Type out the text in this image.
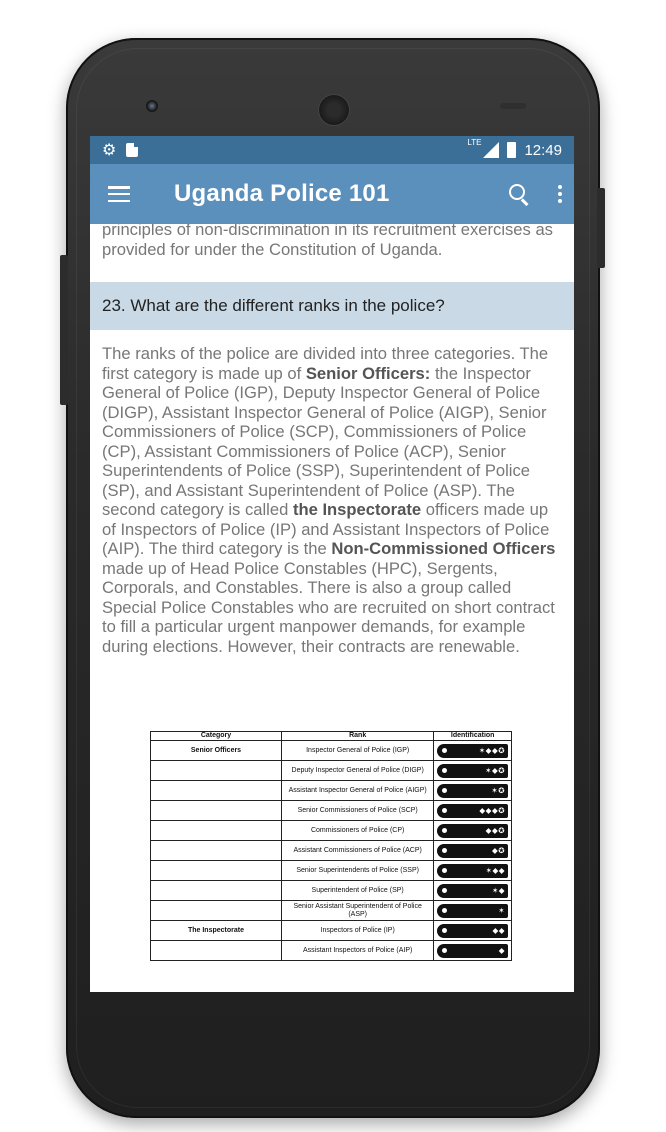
⚙	LTE	12:49
Uganda Police 101
principles of non-discrimination in its recruitment exercises as provided for under the Constitution of Uganda.
23. What are the different ranks in the police?
The ranks of the police are divided into three categories. The first category is made up of Senior Officers: the Inspector General of Police (IGP), Deputy Inspector General of Police (DIGP), Assistant Inspector General of Police (AIGP), Senior Commissioners of Police (SCP), Commissioners of Police (CP), Assistant Commissioners of Police (ACP), Senior Superintendents of Police (SSP), Superintendent of Police (SP), and Assistant Superintendent of Police (ASP). The second category is called the Inspectorate officers made up of Inspectors of Police (IP) and Assistant Inspectors of Police (AIP). The third category is the Non-Commissioned Officers made up of Head Police Constables (HPC), Sergents, Corporals, and Constables. There is also a group called Special Police Constables who are recruited on short contract to fill a particular urgent manpower demands, for example during elections. However, their contracts are renewable.
Category	Rank	Identification
Senior Officers	Inspector General of Police (IGP)	✶◆◆✪

	Deputy Inspector General of Police (DIGP)	✶◆✪

	Assistant Inspector General of Police (AIGP)	✶✪

	Senior Commissioners of Police (SCP)	◆◆◆✪

	Commissioners of Police (CP)	◆◆✪

	Assistant Commissioners of Police (ACP)	◆✪

	Senior Superintendents of Police (SSP)	✶◆◆

	Superintendent of Police (SP)	✶◆

	Senior Assistant Superintendent of Police (ASP)	✶

The Inspectorate	Inspectors of Police (IP)	◆◆

	Assistant Inspectors of Police (AIP)	◆
